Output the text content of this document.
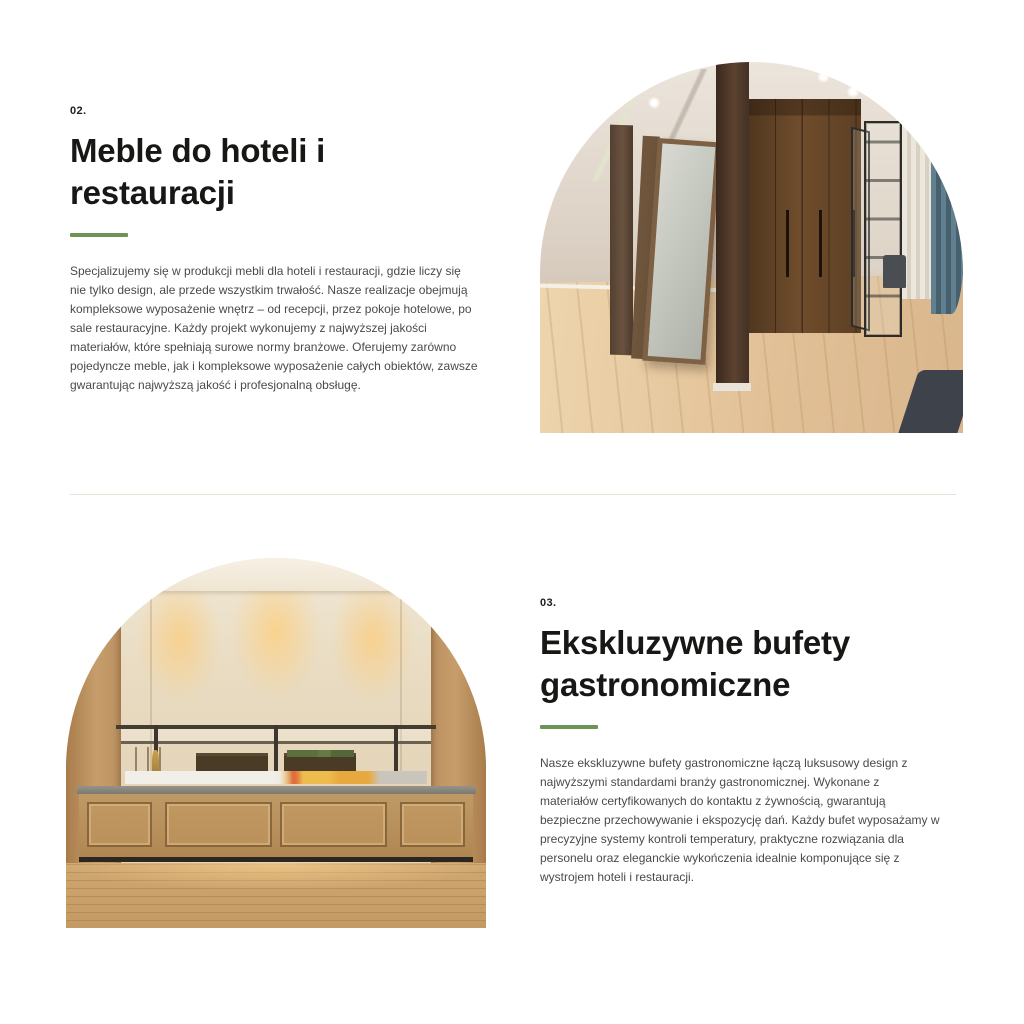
02.
Meble do hoteli i restauracji

Specjalizujemy się w produkcji mebli dla hoteli i restauracji, gdzie liczy się nie tylko design, ale przede wszystkim trwałość. Nasze realizacje obejmują kompleksowe wyposażenie wnętrz – od recepcji, przez pokoje hotelowe, po sale restauracyjne. Każdy projekt wykonujemy z najwyższej jakości materiałów, które spełniają surowe normy branżowe. Oferujemy zarówno pojedyncze meble, jak i kompleksowe wyposażenie całych obiektów, zawsze gwarantując najwyższą jakość i profesjonalną obsługę.

03.
Ekskluzywne bufety gastronomiczne

Nasze ekskluzywne bufety gastronomiczne łączą luksusowy design z najwyższymi standardami branży gastronomicznej. Wykonane z materiałów certyfikowanych do kontaktu z żywnością, gwarantują bezpieczne przechowywanie i ekspozycję dań. Każdy bufet wyposażamy w precyzyjne systemy kontroli temperatury, praktyczne rozwiązania dla personelu oraz eleganckie wykończenia idealnie komponujące się z wystrojem hoteli i restauracji.
